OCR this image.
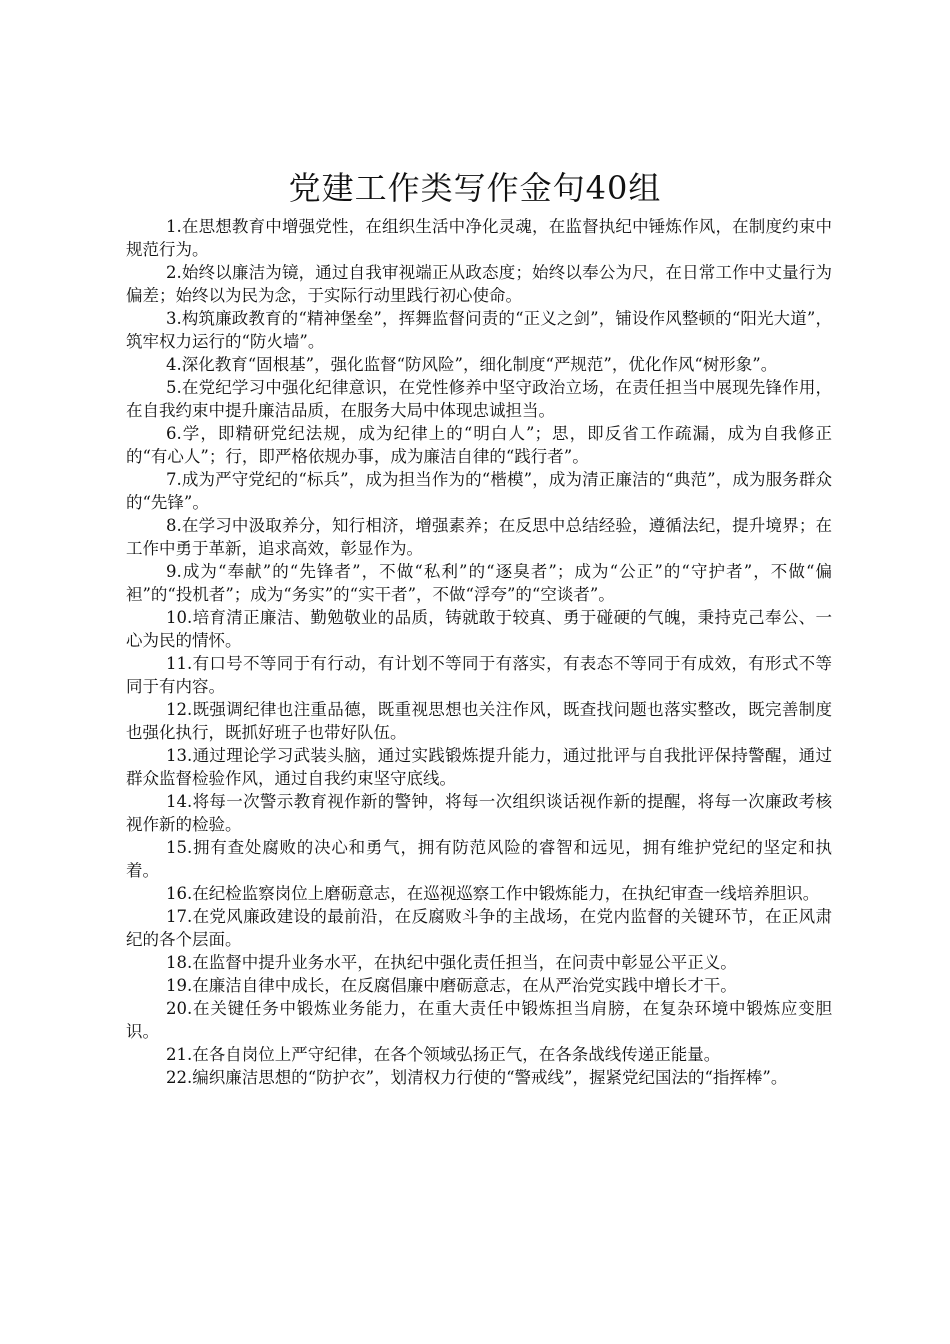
党建工作类写作金句40组

1.在思想教育中增强党性，在组织生活中净化灵魂，在监督执纪中锤炼作风，在制度约束中规范行为。

2.始终以廉洁为镜，通过自我审视端正从政态度；始终以奉公为尺，在日常工作中丈量行为偏差；始终以为民为念，于实际行动里践行初心使命。

3.构筑廉政教育的“精神堡垒”，挥舞监督问责的“正义之剑”，铺设作风整顿的“阳光大道”，筑牢权力运行的“防火墙”。

4.深化教育“固根基”，强化监督“防风险”，细化制度“严规范”，优化作风“树形象”。

5.在党纪学习中强化纪律意识，在党性修养中坚守政治立场，在责任担当中展现先锋作用，在自我约束中提升廉洁品质，在服务大局中体现忠诚担当。

6.学，即精研党纪法规，成为纪律上的“明白人”；思，即反省工作疏漏，成为自我修正的“有心人”；行，即严格依规办事，成为廉洁自律的“践行者”。

7.成为严守党纪的“标兵”，成为担当作为的“楷模”，成为清正廉洁的“典范”，成为服务群众的“先锋”。

8.在学习中汲取养分，知行相济，增强素养；在反思中总结经验，遵循法纪，提升境界；在工作中勇于革新，追求高效，彰显作为。

9.成为“奉献”的“先锋者”，不做“私利”的“逐臭者”；成为“公正”的“守护者”，不做“偏袒”的“投机者”；成为“务实”的“实干者”，不做“浮夸”的“空谈者”。

10.培育清正廉洁、勤勉敬业的品质，铸就敢于较真、勇于碰硬的气魄，秉持克己奉公、一心为民的情怀。

11.有口号不等同于有行动，有计划不等同于有落实，有表态不等同于有成效，有形式不等同于有内容。

12.既强调纪律也注重品德，既重视思想也关注作风，既查找问题也落实整改，既完善制度也强化执行，既抓好班子也带好队伍。

13.通过理论学习武装头脑，通过实践锻炼提升能力，通过批评与自我批评保持警醒，通过群众监督检验作风，通过自我约束坚守底线。

14.将每一次警示教育视作新的警钟，将每一次组织谈话视作新的提醒，将每一次廉政考核视作新的检验。

15.拥有查处腐败的决心和勇气，拥有防范风险的睿智和远见，拥有维护党纪的坚定和执着。

16.在纪检监察岗位上磨砺意志，在巡视巡察工作中锻炼能力，在执纪审查一线培养胆识。

17.在党风廉政建设的最前沿，在反腐败斗争的主战场，在党内监督的关键环节，在正风肃纪的各个层面。

18.在监督中提升业务水平，在执纪中强化责任担当，在问责中彰显公平正义。

19.在廉洁自律中成长，在反腐倡廉中磨砺意志，在从严治党实践中增长才干。

20.在关键任务中锻炼业务能力，在重大责任中锻炼担当肩膀，在复杂环境中锻炼应变胆识。

21.在各自岗位上严守纪律，在各个领域弘扬正气，在各条战线传递正能量。

22.编织廉洁思想的“防护衣”，划清权力行使的“警戒线”，握紧党纪国法的“指挥棒”。
